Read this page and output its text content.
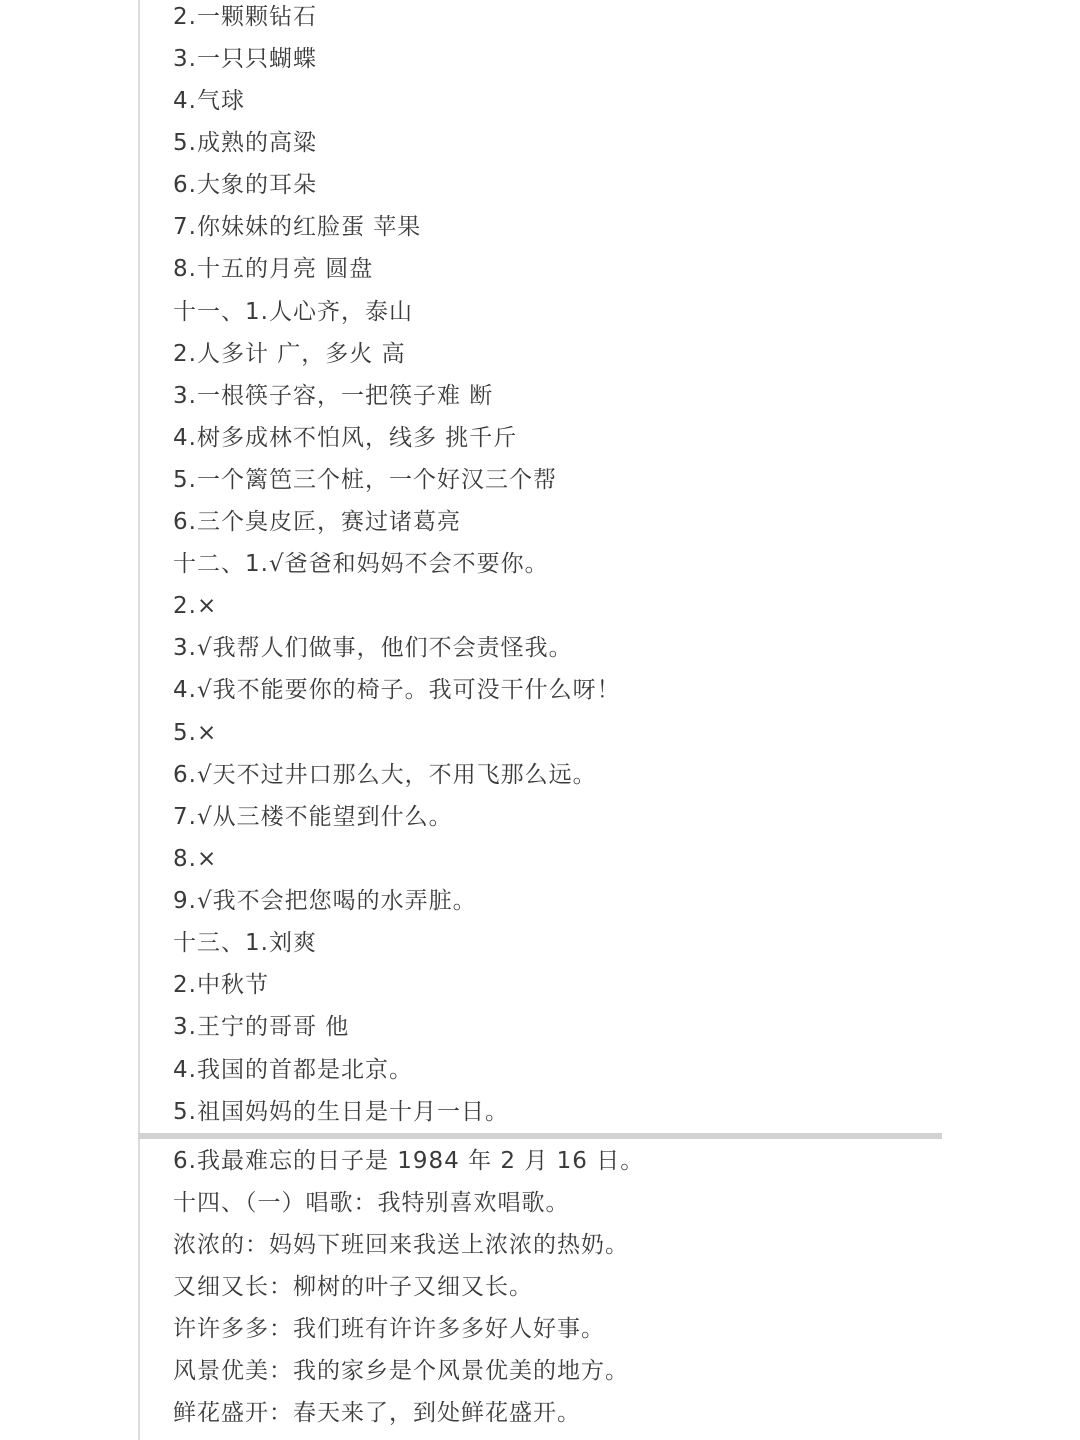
2.一颗颗钻石
3.一只只蝴蝶
4.气球
5.成熟的高粱
6.大象的耳朵
7.你妹妹的红脸蛋 苹果
8.十五的月亮 圆盘
十一、1.人心齐，泰山
2.人多计 广，多火 高
3.一根筷子容，一把筷子难 断
4.树多成林不怕风，线多 挑千斤
5.一个篱笆三个桩，一个好汉三个帮
6.三个臭皮匠，赛过诸葛亮
十二、1.√爸爸和妈妈不会不要你。
2.×
3.√我帮人们做事，他们不会责怪我。
4.√我不能要你的椅子。我可没干什么呀！
5.×
6.√天不过井口那么大，不用飞那么远。
7.√从三楼不能望到什么。
8.×
9.√我不会把您喝的水弄脏。
十三、1.刘爽
2.中秋节
3.王宁的哥哥 他
4.我国的首都是北京。
5.祖国妈妈的生日是十月一日。
6.我最难忘的日子是 1984 年 2 月 16 日。
十四、（一）唱歌：我特别喜欢唱歌。
浓浓的：妈妈下班回来我送上浓浓的热奶。
又细又长：柳树的叶子又细又长。
许许多多：我们班有许许多多好人好事。
风景优美：我的家乡是个风景优美的地方。
鲜花盛开：春天来了，到处鲜花盛开。
